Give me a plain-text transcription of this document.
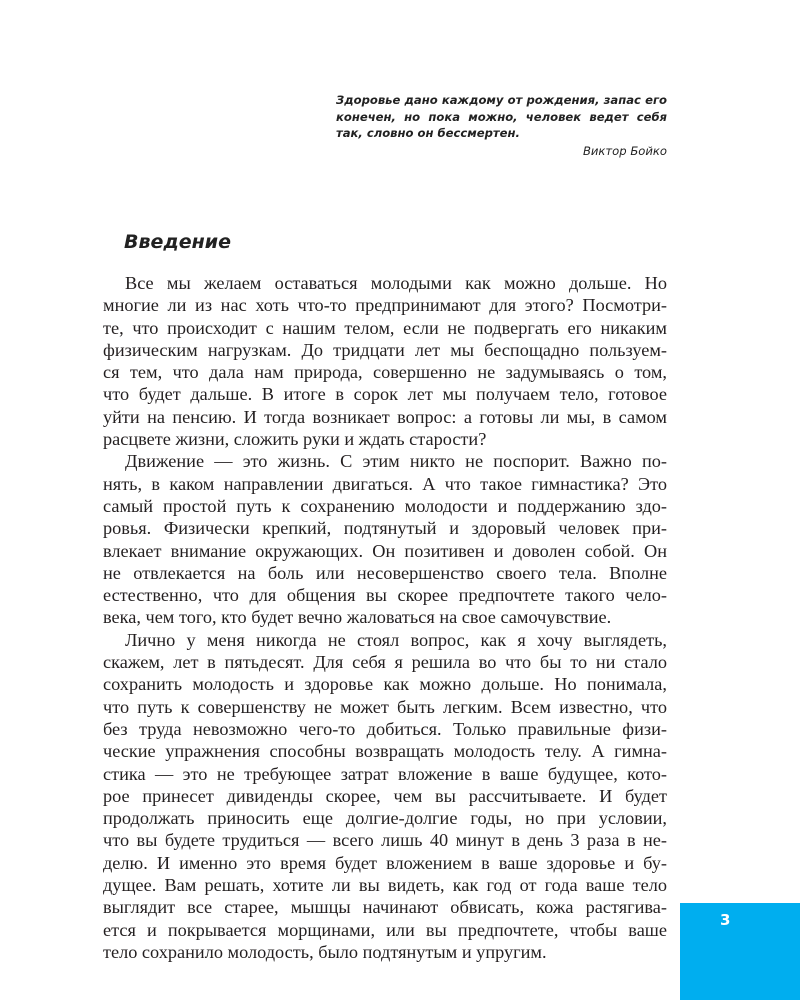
Здоровье дано каждому от рождения, запас его
конечен, но пока можно, человек ведет себя
так, словно он бессмертен.
Виктор Бойко
Введение
Все мы желаем оставаться молодыми как можно дольше. Но
многие ли из нас хоть что-то предпринимают для этого? Посмотри-
те, что происходит с нашим телом, если не подвергать его никаким
физическим нагрузкам. До тридцати лет мы беспощадно пользуем-
ся тем, что дала нам природа, совершенно не задумываясь о том,
что будет дальше. В итоге в сорок лет мы получаем тело, готовое
уйти на пенсию. И тогда возникает вопрос: а готовы ли мы, в самом
расцвете жизни, сложить руки и ждать старости?
Движение — это жизнь. С этим никто не поспорит. Важно по-
нять, в каком направлении двигаться. А что такое гимнастика? Это
самый простой путь к сохранению молодости и поддержанию здо-
ровья. Физически крепкий, подтянутый и здоровый человек при-
влекает внимание окружающих. Он позитивен и доволен собой. Он
не отвлекается на боль или несовершенство своего тела. Вполне
естественно, что для общения вы скорее предпочтете такого чело-
века, чем того, кто будет вечно жаловаться на свое самочувствие.
Лично у меня никогда не стоял вопрос, как я хочу выглядеть,
скажем, лет в пятьдесят. Для себя я решила во что бы то ни стало
сохранить молодость и здоровье как можно дольше. Но понимала,
что путь к совершенству не может быть легким. Всем известно, что
без труда невозможно чего-то добиться. Только правильные физи-
ческие упражнения способны возвращать молодость телу. А гимна-
стика — это не требующее затрат вложение в ваше будущее, кото-
рое принесет дивиденды скорее, чем вы рассчитываете. И будет
продолжать приносить еще долгие-долгие годы, но при условии,
что вы будете трудиться — всего лишь 40 минут в день 3 раза в не-
делю. И именно это время будет вложением в ваше здоровье и бу-
дущее. Вам решать, хотите ли вы видеть, как год от года ваше тело
выглядит все старее, мышцы начинают обвисать, кожа растягива-
ется и покрывается морщинами, или вы предпочтете, чтобы ваше
тело сохранило молодость, было подтянутым и упругим.
3
